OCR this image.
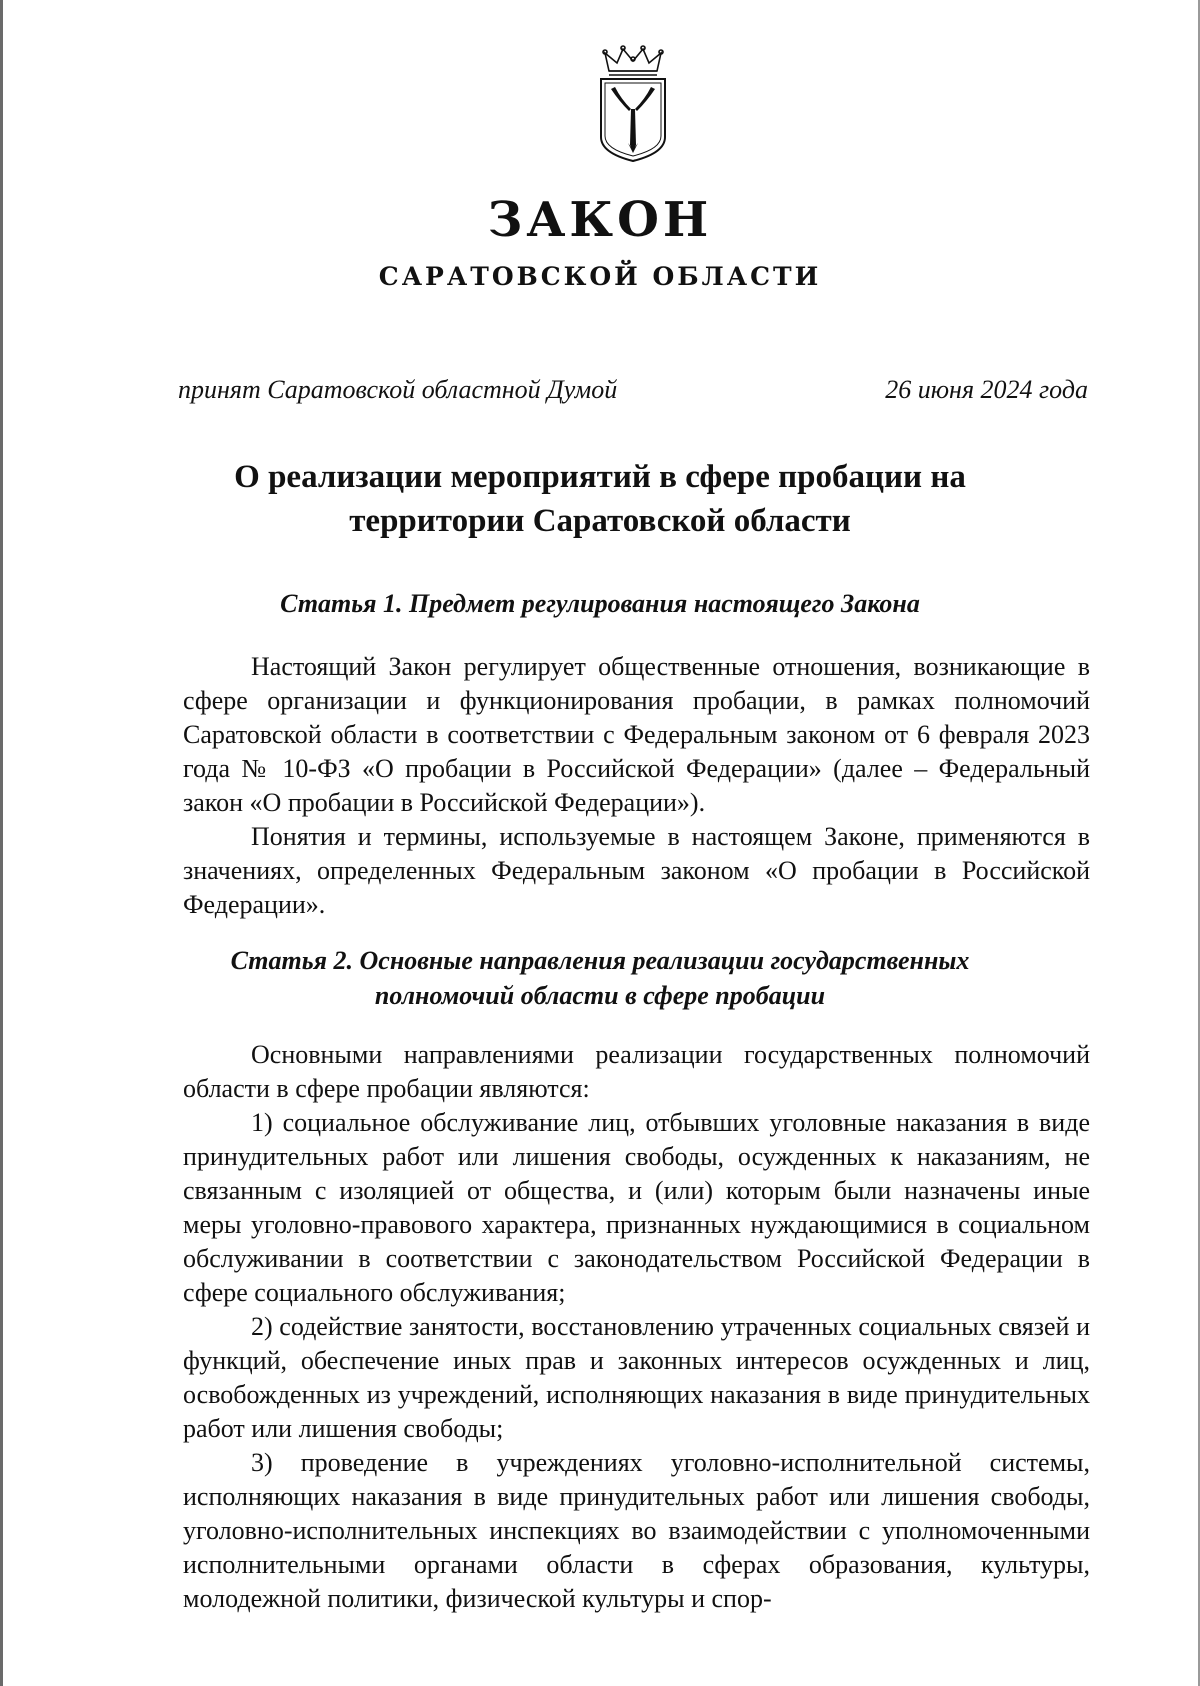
ЗАКОН
САРАТОВСКОЙ ОБЛАСТИ
принят Саратовской областной Думой	26 июня 2024 года
О реализации мероприятий в сфере пробации на
территории Саратовской области
Статья 1. Предмет регулирования настоящего Закона

Настоящий Закон регулирует общественные отношения, возникающие в сфере организации и функционирования пробации, в рамках полномочий Саратовской области в соответствии с Федеральным законом от 6 февраля 2023 года № 10-ФЗ «О пробации в Российской Федерации» (далее – Федеральный закон «О пробации в Российской Федерации»).

Понятия и термины, используемые в настоящем Законе, применяются в значениях, определенных Федеральным законом «О пробации в Российской Федерации».

Статья 2. Основные направления реализации государственных
полномочий области в сфере пробации

Основными направлениями реализации государственных полномочий области в сфере пробации являются:

1) социальное обслуживание лиц, отбывших уголовные наказания в виде принудительных работ или лишения свободы, осужденных к наказаниям, не связанным с изоляцией от общества, и (или) которым были назначены иные меры уголовно-правового характера, признанных нуждающимися в социальном обслуживании в соответствии с законодательством Российской Федерации в сфере социального обслуживания;

2) содействие занятости, восстановлению утраченных социальных связей и функций, обеспечение иных прав и законных интересов осужденных и лиц, освобожденных из учреждений, исполняющих наказания в виде принудительных работ или лишения свободы;

3) проведение в учреждениях уголовно-исполнительной системы, исполняющих наказания в виде принудительных работ или лишения свободы, уголовно-исполнительных инспекциях во взаимодействии с уполномоченными исполнительными органами области в сферах образования, культуры, молодежной политики, физической культуры и спор-
